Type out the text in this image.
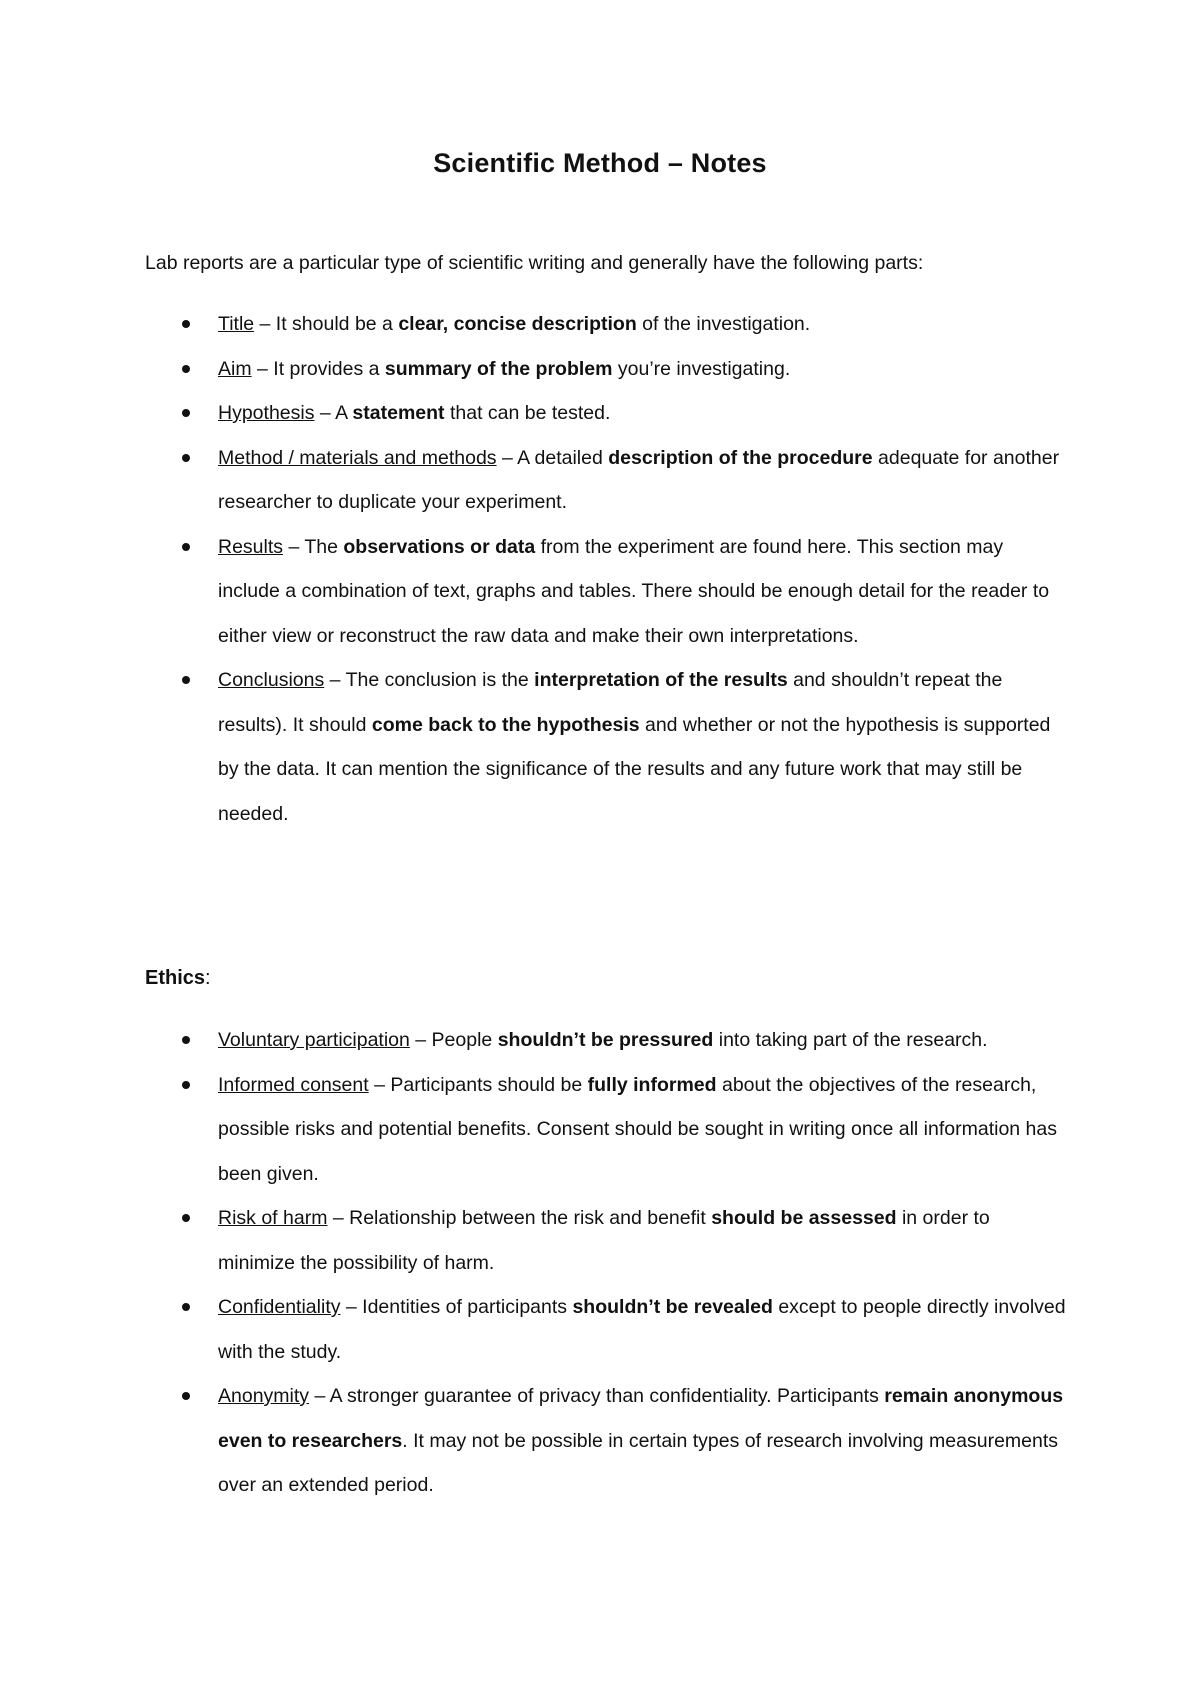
Scientific Method – Notes
Lab reports are a particular type of scientific writing and generally have the following parts:
Title – It should be a clear, concise description of the investigation.
Aim – It provides a summary of the problem you’re investigating.
Hypothesis – A statement that can be tested.
Method / materials and methods – A detailed description of the procedure adequate for another researcher to duplicate your experiment.
Results – The observations or data from the experiment are found here. This section may include a combination of text, graphs and tables. There should be enough detail for the reader to either view or reconstruct the raw data and make their own interpretations.
Conclusions – The conclusion is the interpretation of the results and shouldn’t repeat the results). It should come back to the hypothesis and whether or not the hypothesis is supported by the data. It can mention the significance of the results and any future work that may still be needed.
Ethics:
Voluntary participation – People shouldn’t be pressured into taking part of the research.
Informed consent – Participants should be fully informed about the objectives of the research, possible risks and potential benefits. Consent should be sought in writing once all information has been given.
Risk of harm – Relationship between the risk and benefit should be assessed in order to minimize the possibility of harm.
Confidentiality – Identities of participants shouldn’t be revealed except to people directly involved with the study.
Anonymity – A stronger guarantee of privacy than confidentiality. Participants remain anonymous even to researchers. It may not be possible in certain types of research involving measurements over an extended period.
